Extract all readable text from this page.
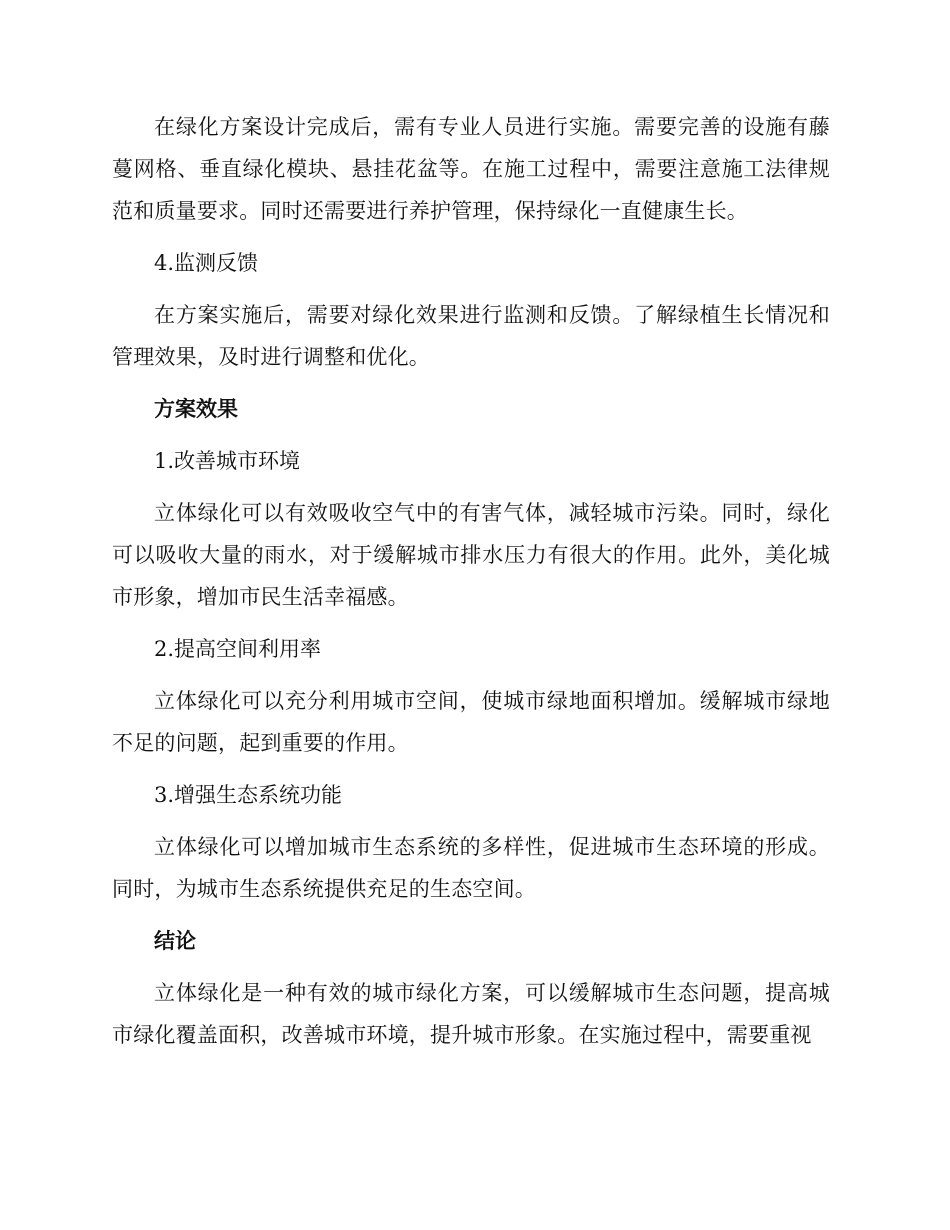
在绿化方案设计完成后，需有专业人员进行实施。需要完善的设施有藤蔓网格、垂直绿化模块、悬挂花盆等。在施工过程中，需要注意施工法律规范和质量要求。同时还需要进行养护管理，保持绿化一直健康生长。

4.监测反馈

在方案实施后，需要对绿化效果进行监测和反馈。了解绿植生长情况和管理效果，及时进行调整和优化。

方案效果

1.改善城市环境

立体绿化可以有效吸收空气中的有害气体，减轻城市污染。同时，绿化可以吸收大量的雨水，对于缓解城市排水压力有很大的作用。此外，美化城市形象，增加市民生活幸福感。

2.提高空间利用率

立体绿化可以充分利用城市空间，使城市绿地面积增加。缓解城市绿地不足的问题，起到重要的作用。

3.增强生态系统功能

立体绿化可以增加城市生态系统的多样性，促进城市生态环境的形成。同时，为城市生态系统提供充足的生态空间。

结论

立体绿化是一种有效的城市绿化方案，可以缓解城市生态问题，提高城市绿化覆盖面积，改善城市环境，提升城市形象。在实施过程中，需要重视
